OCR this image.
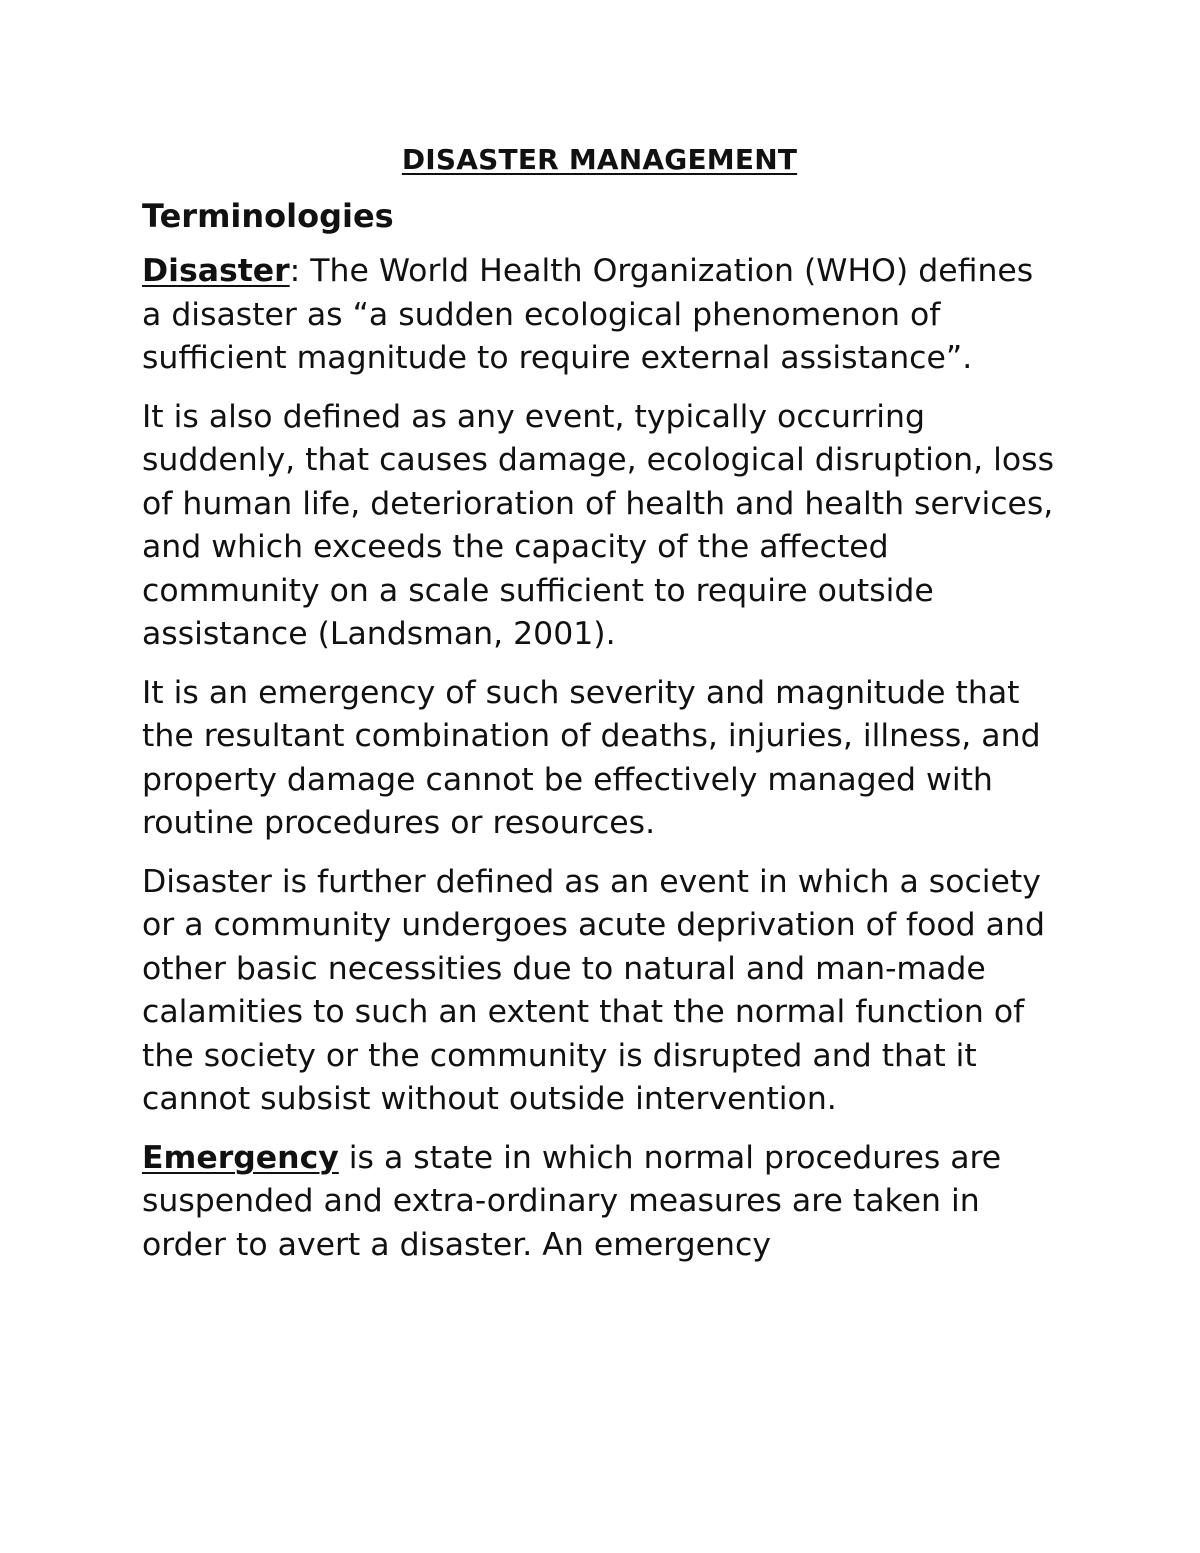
DISASTER MANAGEMENT
Terminologies

Disaster: The World Health Organization (WHO) defines a disaster as “a sudden ecological phenomenon of sufficient magnitude to require external assistance”.

It is also defined as any event, typically occurring suddenly, that causes damage, ecological disruption, loss of human life, deterioration of health and health services, and which exceeds the capacity of the affected community on a scale sufficient to require outside assistance (Landsman, 2001).

It is an emergency of such severity and magnitude that the resultant combination of deaths, injuries, illness, and property damage cannot be effectively managed with routine procedures or resources.

Disaster is further defined as an event in which a society or a community undergoes acute deprivation of food and other basic necessities due to natural and man-made calamities to such an extent that the normal function of the society or the community is disrupted and that it cannot subsist without outside intervention.

Emergency is a state in which normal procedures are suspended and extra-ordinary measures are taken in order to avert a disaster. An emergency
